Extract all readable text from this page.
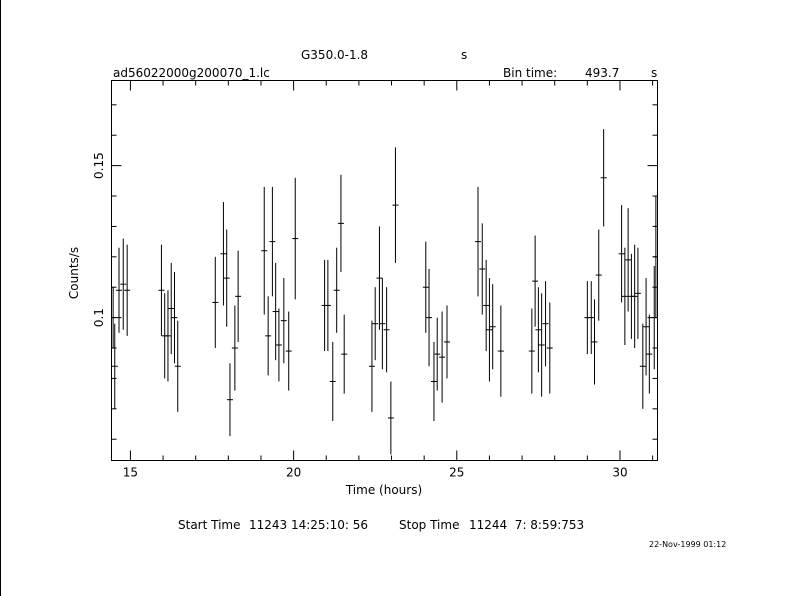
G350.0-1.8	s
ad56022000g200070_1.lc	Bin time: 493.7	s
15	20	25	30
0.1
0.15
Time (hours)
Counts/s
Start Time 11243 14:25:10: 56	Stop Time 11244  7: 8:59:753
22-Nov-1999 01:12
